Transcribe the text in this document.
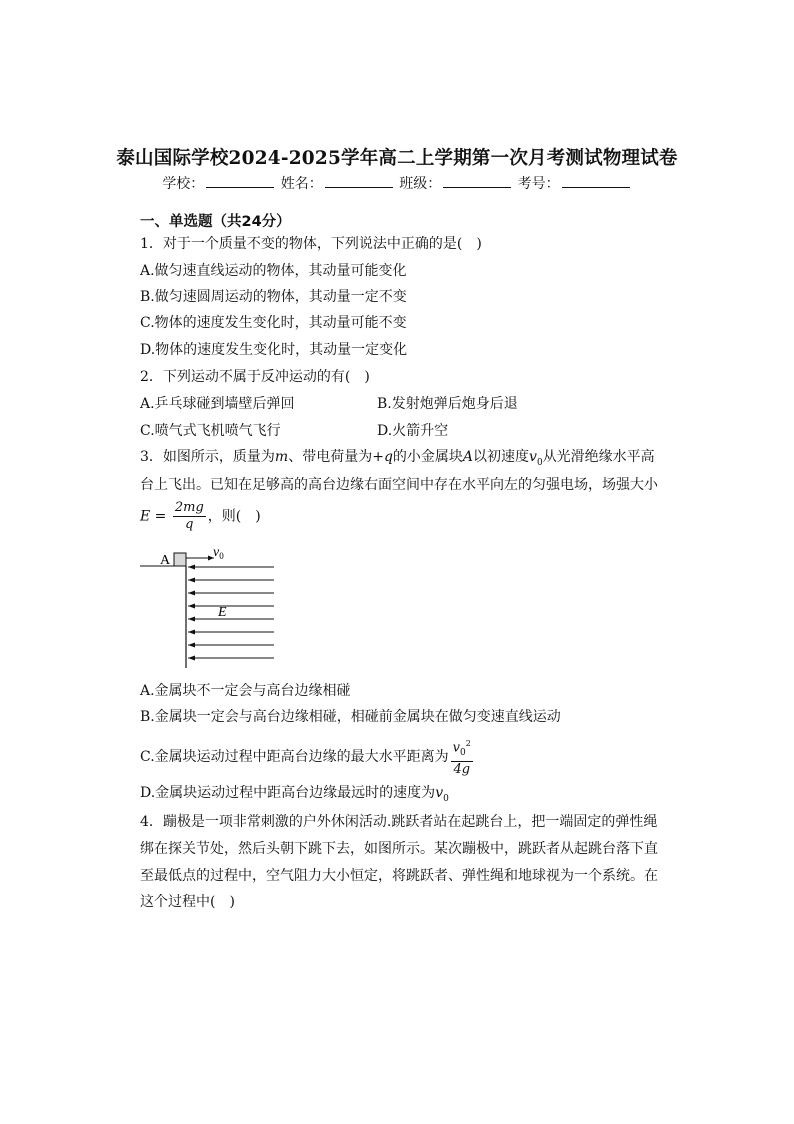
泰山国际学校2024-2025学年高二上学期第一次月考测试物理试卷
学校：	姓名：	班级：	考号：
一、单选题（共24分）
1．对于一个质量不变的物体，下列说法中正确的是(　)
A.做匀速直线运动的物体，其动量可能变化
B.做匀速圆周运动的物体，其动量一定不变
C.物体的速度发生变化时，其动量可能不变
D.物体的速度发生变化时，其动量一定变化
2．下列运动不属于反冲运动的有(　)
A.乒乓球碰到墙壁后弹回	B.发射炮弹后炮身后退
C.喷气式飞机喷气飞行	D.火箭升空
3．如图所示，质量为m、带电荷量为+q的小金属块A以初速度$v_0$从光滑绝缘水平高
台上飞出。已知在足够高的高台边缘右面空间中存在水平向左的匀强电场，场强大小
$E = \frac{2mg}{q}$ ，则(　)
A
$v_0$
E
A.金属块不一定会与高台边缘相碰
B.金属块一定会与高台边缘相碰，相碰前金属块在做匀变速直线运动
C.金属块运动过程中距高台边缘的最大水平距离为 $\frac{v_0^2}{4g}$
D.金属块运动过程中距高台边缘最远时的速度为$v_0$
4．蹦极是一项非常刺激的户外休闲活动.跳跃者站在起跳台上，把一端固定的弹性绳
绑在探关节处，然后头朝下跳下去，如图所示。某次蹦极中，跳跃者从起跳台落下直
至最低点的过程中，空气阻力大小恒定，将跳跃者、弹性绳和地球视为一个系统。在
这个过程中(　)
